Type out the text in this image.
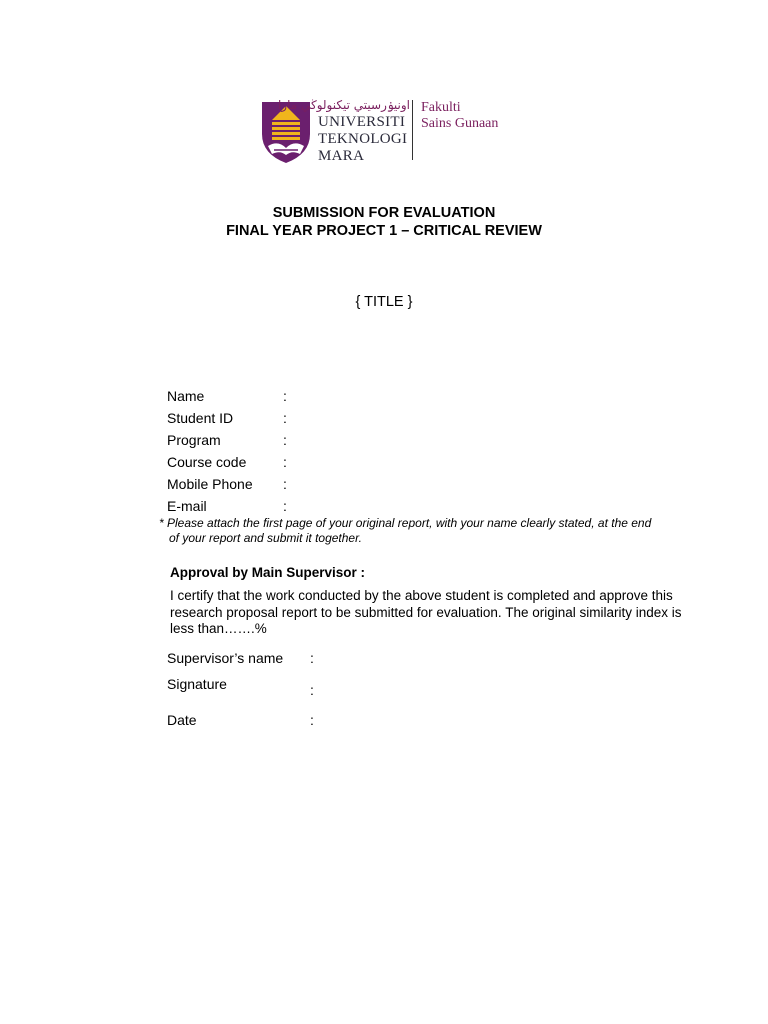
اونيۏرسيتي تيكنولوڬي مارا
UNIVERSITI
TEKNOLOGI
MARA
Fakulti
Sains Gunaan
SUBMISSION FOR EVALUATION
FINAL YEAR PROJECT 1 – CRITICAL REVIEW
{ TITLE }
Name	:
Student ID	:
Program	:
Course code	:
Mobile Phone :
E-mail	:
* Please attach the first page of your original report, with your name clearly stated, at the end
of your report and submit it together.
Approval by Main Supervisor :
I certify that the work conducted by the above student is completed and approve this research proposal report to be submitted for evaluation. The original similarity index is less than…….%
Supervisor’s name :
Signature	:
Date	:
